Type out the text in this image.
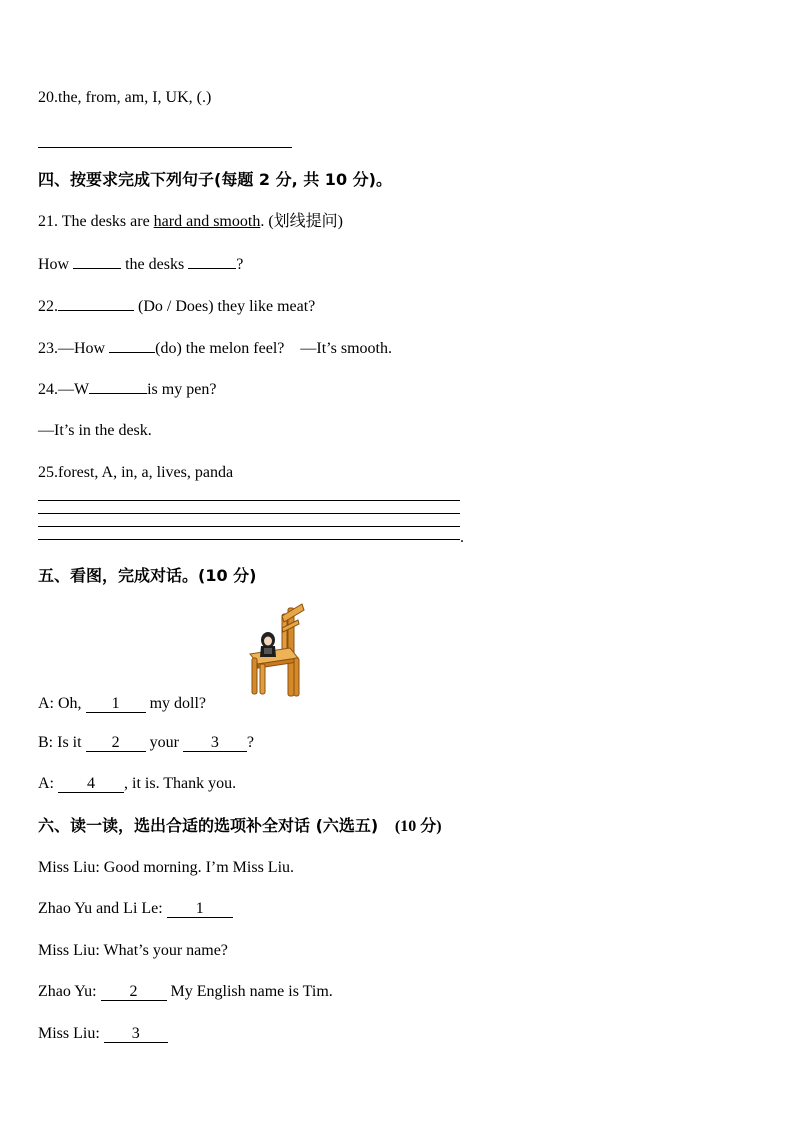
20.the, from, am, I, UK, (.)
四、按要求完成下列句子(每题 2 分, 共 10 分)。
21. The desks are hard and smooth. (划线提问)
How	the desks	?
22.	(Do / Does) they like meat?
23.—How	(do) the melon feel? —It’s smooth.
24.—W	is my pen?
—It’s in the desk.
25.forest, A, in, a, lives, panda
.
五、看图，完成对话。(10 分)
A: Oh, 1 my doll?
B: Is it 2 your 3 ?
A: 4 , it is. Thank you.
六、读一读，选出合适的选项补全对话 (六选五) (10 分)
Miss Liu: Good morning. I’m Miss Liu.
Zhao Yu and Li Le: 1
Miss Liu: What’s your name?
Zhao Yu: 2 My English name is Tim.
Miss Liu: 3
